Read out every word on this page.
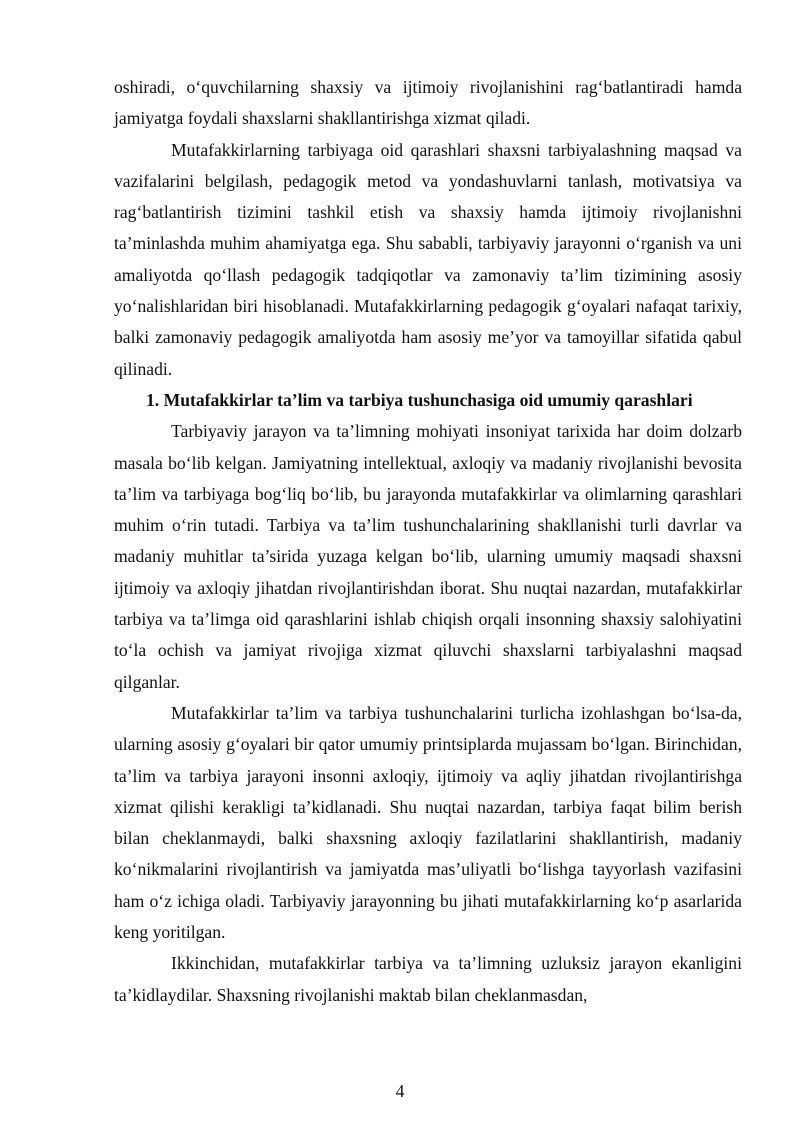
oshiradi, o‘quvchilarning shaxsiy va ijtimoiy rivojlanishini rag‘batlantiradi hamda jamiyatga foydali shaxslarni shakllantirishga xizmat qiladi.

Mutafakkirlarning tarbiyaga oid qarashlari shaxsni tarbiyalashning maqsad va vazifalarini belgilash, pedagogik metod va yondashuvlarni tanlash, motivatsiya va rag‘batlantirish tizimini tashkil etish va shaxsiy hamda ijtimoiy rivojlanishni ta’minlashda muhim ahamiyatga ega. Shu sababli, tarbiyaviy jarayonni o‘rganish va uni amaliyotda qo‘llash pedagogik tadqiqotlar va zamonaviy ta’lim tizimining asosiy yo‘nalishlaridan biri hisoblanadi. Mutafakkirlarning pedagogik g‘oyalari nafaqat tarixiy, balki zamonaviy pedagogik amaliyotda ham asosiy me’yor va tamoyillar sifatida qabul qilinadi.

1. Mutafakkirlar ta’lim va tarbiya tushunchasiga oid umumiy qarashlari

Tarbiyaviy jarayon va ta’limning mohiyati insoniyat tarixida har doim dolzarb masala bo‘lib kelgan. Jamiyatning intellektual, axloqiy va madaniy rivojlanishi bevosita ta’lim va tarbiyaga bog‘liq bo‘lib, bu jarayonda mutafakkirlar va olimlarning qarashlari muhim o‘rin tutadi. Tarbiya va ta’lim tushunchalarining shakllanishi turli davrlar va madaniy muhitlar ta’sirida yuzaga kelgan bo‘lib, ularning umumiy maqsadi shaxsni ijtimoiy va axloqiy jihatdan rivojlantirishdan iborat. Shu nuqtai nazardan, mutafakkirlar tarbiya va ta’limga oid qarashlarini ishlab chiqish orqali insonning shaxsiy salohiyatini to‘la ochish va jamiyat rivojiga xizmat qiluvchi shaxslarni tarbiyalashni maqsad qilganlar.

Mutafakkirlar ta’lim va tarbiya tushunchalarini turlicha izohlashgan bo‘lsa-da, ularning asosiy g‘oyalari bir qator umumiy printsiplarda mujassam bo‘lgan. Birinchidan, ta’lim va tarbiya jarayoni insonni axloqiy, ijtimoiy va aqliy jihatdan rivojlantirishga xizmat qilishi kerakligi ta’kidlanadi. Shu nuqtai nazardan, tarbiya faqat bilim berish bilan cheklanmaydi, balki shaxsning axloqiy fazilatlarini shakllantirish, madaniy ko‘nikmalarini rivojlantirish va jamiyatda mas’uliyatli bo‘lishga tayyorlash vazifasini ham o‘z ichiga oladi. Tarbiyaviy jarayonning bu jihati mutafakkirlarning ko‘p asarlarida keng yoritilgan.

Ikkinchidan, mutafakkirlar tarbiya va ta’limning uzluksiz jarayon ekanligini ta’kidlaydilar. Shaxsning rivojlanishi maktab bilan cheklanmasdan,

4
